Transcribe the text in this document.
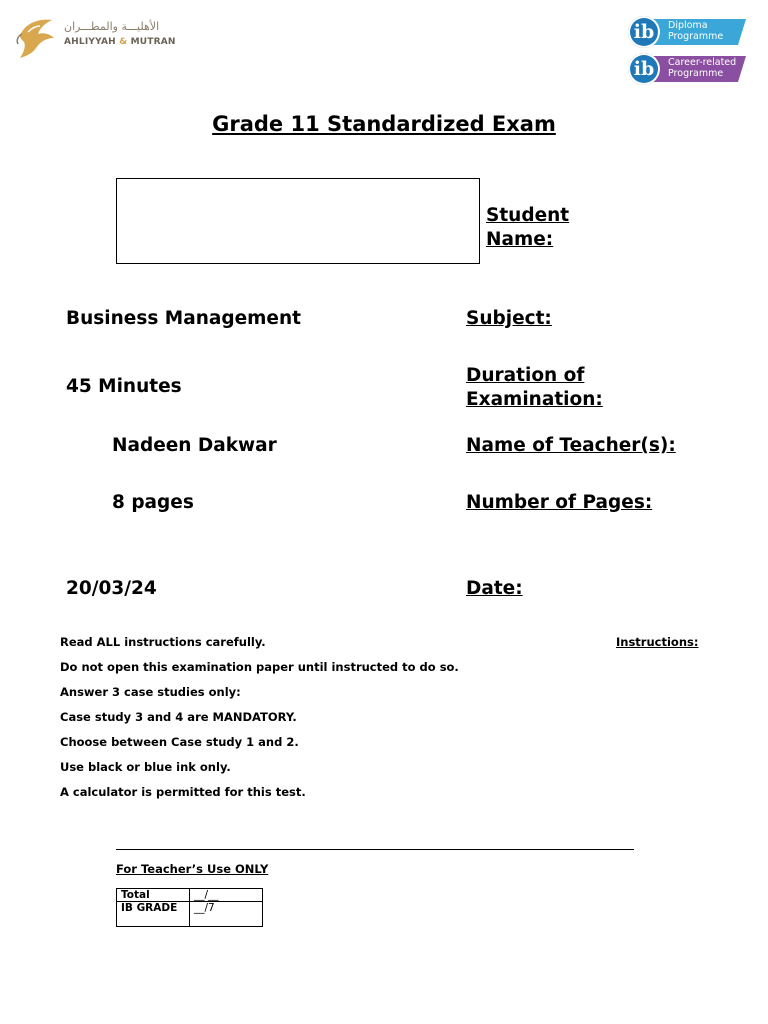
الأهليـــة والمطـــران
AHLIYYAH & MUTRAN	ib	Diploma
Programme
ib	Career-related
Programme
Grade 11 Standardized Exam
Student
Name:
Business Management	Subject:
45 Minutes
Duration of
Examination:
Nadeen Dakwar	Name of Teacher(s):
8 pages	Number of Pages:
20/03/24	Date:
Instructions:
Read ALL instructions carefully.
Do not open this examination paper until instructed to do so.
Answer 3 case studies only:
Case study 3 and 4 are MANDATORY.
Choose between Case study 1 and 2.
Use black or blue ink only.
A calculator is permitted for this test.
For Teacher’s Use ONLY
Total	__/__
IB GRADE	__/7
